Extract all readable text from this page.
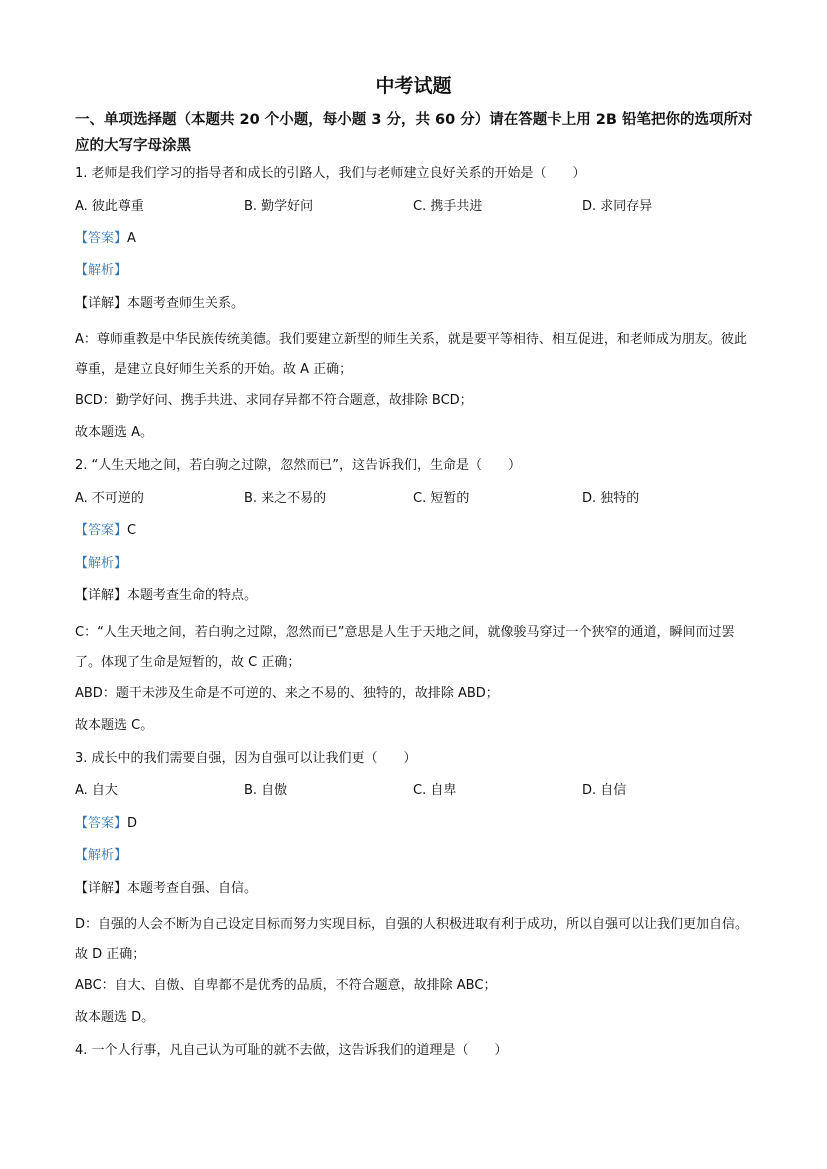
中考试题
一、单项选择题（本题共 20 个小题，每小题 3 分，共 60 分）请在答题卡上用 2B 铅笔把你的选项所对应的大写字母涂黑
1. 老师是我们学习的指导者和成长的引路人，我们与老师建立良好关系的开始是（　　）
A. 彼此尊重	B. 勤学好问	C. 携手共进	D. 求同存异
【答案】A
【解析】
【详解】本题考查师生关系。
A：尊师重教是中华民族传统美德。我们要建立新型的师生关系，就是要平等相待、相互促进，和老师成为朋友。彼此尊重，是建立良好师生关系的开始。故 A 正确；
BCD：勤学好问、携手共进、求同存异都不符合题意，故排除 BCD；
故本题选 A。
2. “人生天地之间，若白驹之过隙，忽然而已”，这告诉我们，生命是（　　）
A. 不可逆的	B. 来之不易的	C. 短暂的	D. 独特的
【答案】C
【解析】
【详解】本题考查生命的特点。
C：“人生天地之间，若白驹之过隙，忽然而已”意思是人生于天地之间，就像骏马穿过一个狭窄的通道，瞬间而过罢了。体现了生命是短暂的，故 C 正确；
ABD：题干未涉及生命是不可逆的、来之不易的、独特的，故排除 ABD；
故本题选 C。
3. 成长中的我们需要自强，因为自强可以让我们更（　　）
A. 自大	B. 自傲	C. 自卑	D. 自信
【答案】D
【解析】
【详解】本题考查自强、自信。
D：自强的人会不断为自己设定目标而努力实现目标，自强的人积极进取有利于成功，所以自强可以让我们更加自信。故 D 正确；
ABC：自大、自傲、自卑都不是优秀的品质，不符合题意，故排除 ABC；
故本题选 D。
4. 一个人行事，凡自己认为可耻的就不去做，这告诉我们的道理是（　　）
